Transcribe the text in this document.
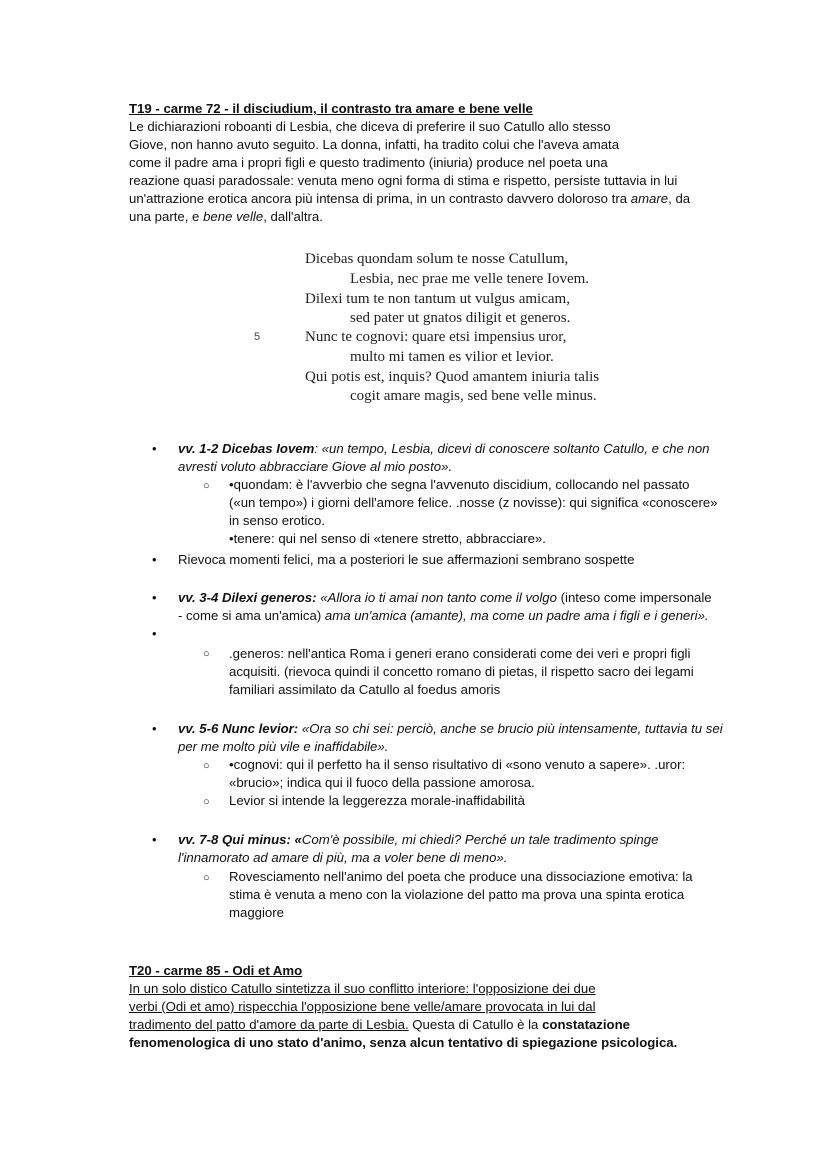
T19 - carme 72 - il disciudium, il contrasto tra amare e bene velle
Le dichiarazioni roboanti di Lesbia, che diceva di preferire il suo Catullo allo stesso
Giove, non hanno avuto seguito. La donna, infatti, ha tradito colui che l'aveva amata
come il padre ama i propri figli e questo tradimento (iniuria) produce nel poeta una
reazione quasi paradossale: venuta meno ogni forma di stima e rispetto, persiste tuttavia in lui
un'attrazione erotica ancora più intensa di prima, in un contrasto davvero doloroso tra amare, da
una parte, e bene velle, dall'altra.
Dicebas quondam solum te nosse Catullum,
Lesbia, nec prae me velle tenere Iovem.
Dilexi tum te non tantum ut vulgus amicam,
sed pater ut gnatos diligit et generos.
5	Nunc te cognovi: quare etsi impensius uror,
multo mi tamen es vilior et levior.
Qui potis est, inquis? Quod amantem iniuria talis
cogit amare magis, sed bene velle minus.
• vv. 1-2 Dicebas Iovem: «un tempo, Lesbia, dicevi di conoscere soltanto Catullo, e che non
avresti voluto abbracciare Giove al mio posto».
○ •quondam: è l'avverbio che segna l'avvenuto discidium, collocando nel passato
(«un tempo») i giorni dell'amore felice. .nosse (z novisse): qui significa «conoscere»
in senso erotico.
•tenere: qui nel senso di «tenere stretto, abbracciare».
• Rievoca momenti felici, ma a posteriori le sue affermazioni sembrano sospette
• vv. 3-4 Dilexi generos: «Allora io ti amai non tanto come il volgo (inteso come impersonale
- come si ama un'amica) ama un'amica (amante), ma come un padre ama i figli e i generi».
•
○ .generos: nell'antica Roma i generi erano considerati come dei veri e propri figli
acquisiti. (rievoca quindi il concetto romano di pietas, il rispetto sacro dei legami
familiari assimilato da Catullo al foedus amoris
• vv. 5-6 Nunc levior: «Ora so chi sei: perciò, anche se brucio più intensamente, tuttavia tu sei
per me molto più vile e inaffidabile».
○ •cognovi: qui il perfetto ha il senso risultativo di «sono venuto a sapere». .uror:
«brucio»; indica qui il fuoco della passione amorosa.
○ Levior si intende la leggerezza morale-inaffidabilità
• vv. 7-8 Qui minus: «Com'è possibile, mi chiedi? Perché un tale tradimento spinge
l'innamorato ad amare di più, ma a voler bene di meno».
○ Rovesciamento nell'animo del poeta che produce una dissociazione emotiva: la
stima è venuta a meno con la violazione del patto ma prova una spinta erotica
maggiore
T20 - carme 85 - Odi et Amo
In un solo distico Catullo sintetizza il suo conflitto interiore: l'opposizione dei due
verbi (Odi et amo) rispecchia l'opposizione bene velle/amare provocata in lui dal
tradimento del patto d'amore da parte di Lesbia. Questa di Catullo è la constatazione
fenomenologica di uno stato d'animo, senza alcun tentativo di spiegazione psicologica.
